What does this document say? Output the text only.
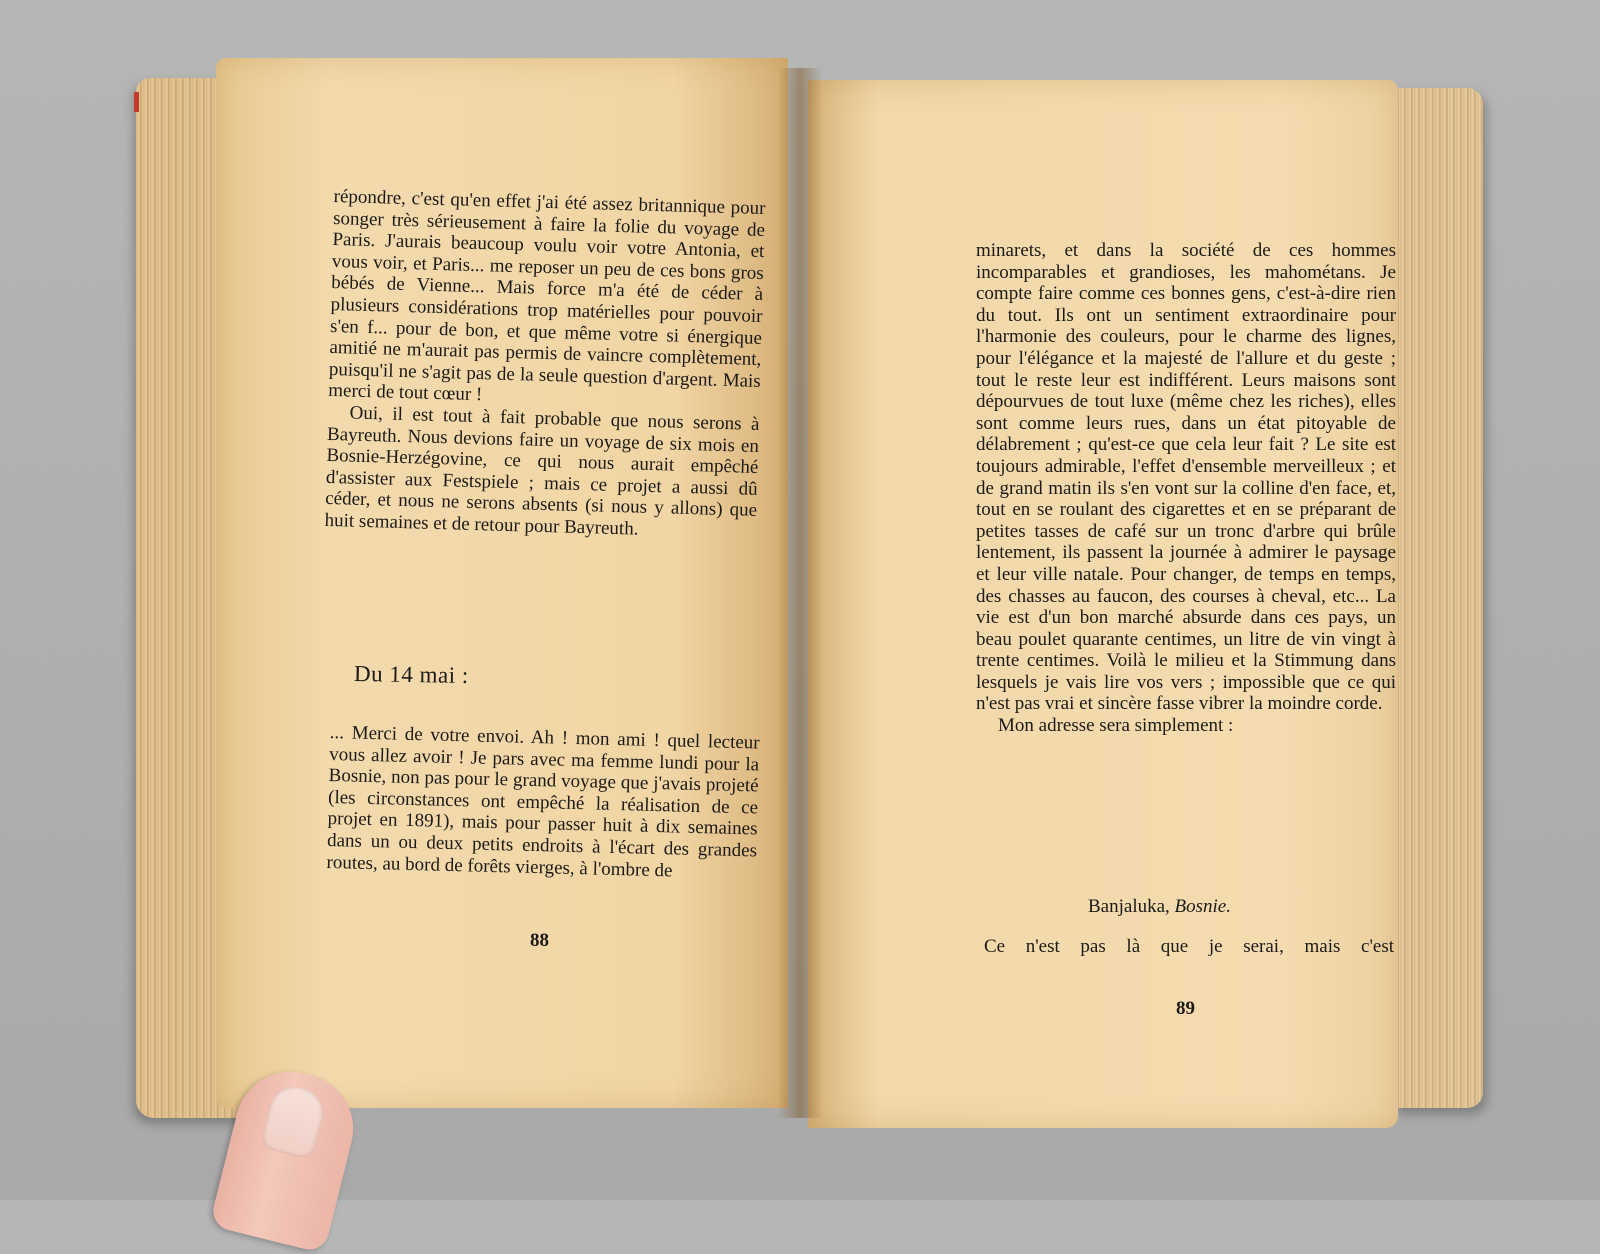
répondre, c'est qu'en effet j'ai été assez britannique pour songer très sérieusement à faire la folie du voyage de Paris. J'aurais beaucoup voulu voir votre Antonia, et vous voir, et Paris... me reposer un peu de ces bons gros bébés de Vienne... Mais force m'a été de céder à plusieurs considérations trop matérielles pour pouvoir s'en f... pour de bon, et que même votre si énergique amitié ne m'aurait pas permis de vaincre complètement, puisqu'il ne s'agit pas de la seule question d'argent. Mais merci de tout cœur !

Oui, il est tout à fait probable que nous serons à Bayreuth. Nous devions faire un voyage de six mois en Bosnie-Herzégovine, ce qui nous aurait empêché d'assister aux Festspiele ; mais ce projet a aussi dû céder, et nous ne serons absents (si nous y allons) que huit semaines et de retour pour Bayreuth.

Du 14 mai :
... Merci de votre envoi. Ah ! mon ami ! quel lecteur vous allez avoir ! Je pars avec ma femme lundi pour la Bosnie, non pas pour le grand voyage que j'avais projeté (les circonstances ont empêché la réalisation de ce projet en 1891), mais pour passer huit à dix semaines dans un ou deux petits endroits à l'écart des grandes routes, au bord de forêts vierges, à l'ombre de
88

minarets, et dans la société de ces hommes incomparables et grandioses, les mahométans. Je compte faire comme ces bonnes gens, c'est-à-dire rien du tout. Ils ont un sentiment extraordinaire pour l'harmonie des couleurs, pour le charme des lignes, pour l'élégance et la majesté de l'allure et du geste ; tout le reste leur est indifférent. Leurs maisons sont dépourvues de tout luxe (même chez les riches), elles sont comme leurs rues, dans un état pitoyable de délabrement ; qu'est-ce que cela leur fait ? Le site est toujours admirable, l'effet d'ensemble merveilleux ; et de grand matin ils s'en vont sur la colline d'en face, et, tout en se roulant des cigarettes et en se préparant de petites tasses de café sur un tronc d'arbre qui brûle lentement, ils passent la journée à admirer le paysage et leur ville natale. Pour changer, de temps en temps, des chasses au faucon, des courses à cheval, etc... La vie est d'un bon marché absurde dans ces pays, un beau poulet quarante centimes, un litre de vin vingt à trente centimes. Voilà le milieu et la Stimmung dans lesquels je vais lire vos vers ; impossible que ce qui n'est pas vrai et sincère fasse vibrer la moindre corde.

Mon adresse sera simplement :

Banjaluka, Bosnie.
Ce n'est pas là que je serai, mais c'est
89
